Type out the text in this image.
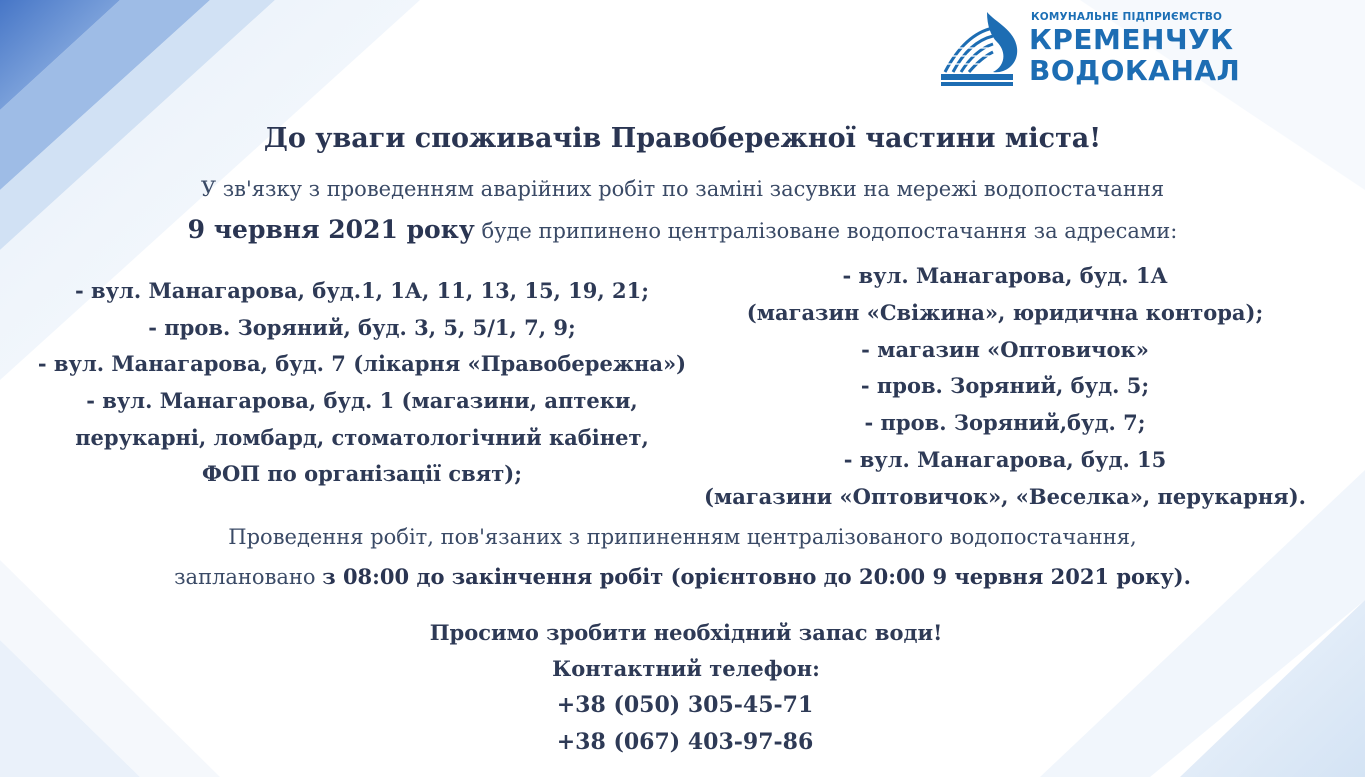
КОМУНАЛЬНЕ ПІДПРИЄМСТВО
КРЕМЕНЧУК
ВОДОКАНАЛ
До уваги споживачів Правобережної частини міста!
У зв'язку з проведенням аварійних робіт по заміні засувки на мережі водопостачання
9 червня 2021 року буде припинено централізоване водопостачання за адресами:
- вул. Манагарова, буд.1, 1А, 11, 13, 15, 19, 21;
- пров. Зоряний, буд. 3, 5, 5/1, 7, 9;
- вул. Манагарова, буд. 7 (лікарня «Правобережна»)
- вул. Манагарова, буд. 1 (магазини, аптеки,
перукарні, ломбард, стоматологічний кабінет,
ФОП по організації свят);
- вул. Манагарова, буд. 1А
(магазин «Свіжина», юридична контора);
- магазин «Оптовичок»
- пров. Зоряний, буд. 5;
- пров. Зоряний,буд. 7;
- вул. Манагарова, буд. 15
(магазини «Оптовичок», «Веселка», перукарня).
Проведення робіт, пов'язаних з припиненням централізованого водопостачання,
заплановано з 08:00 до закінчення робіт (орієнтовно до 20:00 9 червня 2021 року).
Просимо зробити необхідний запас води!
Контактний телефон:
+38 (050) 305-45-71
+38 (067) 403-97-86
